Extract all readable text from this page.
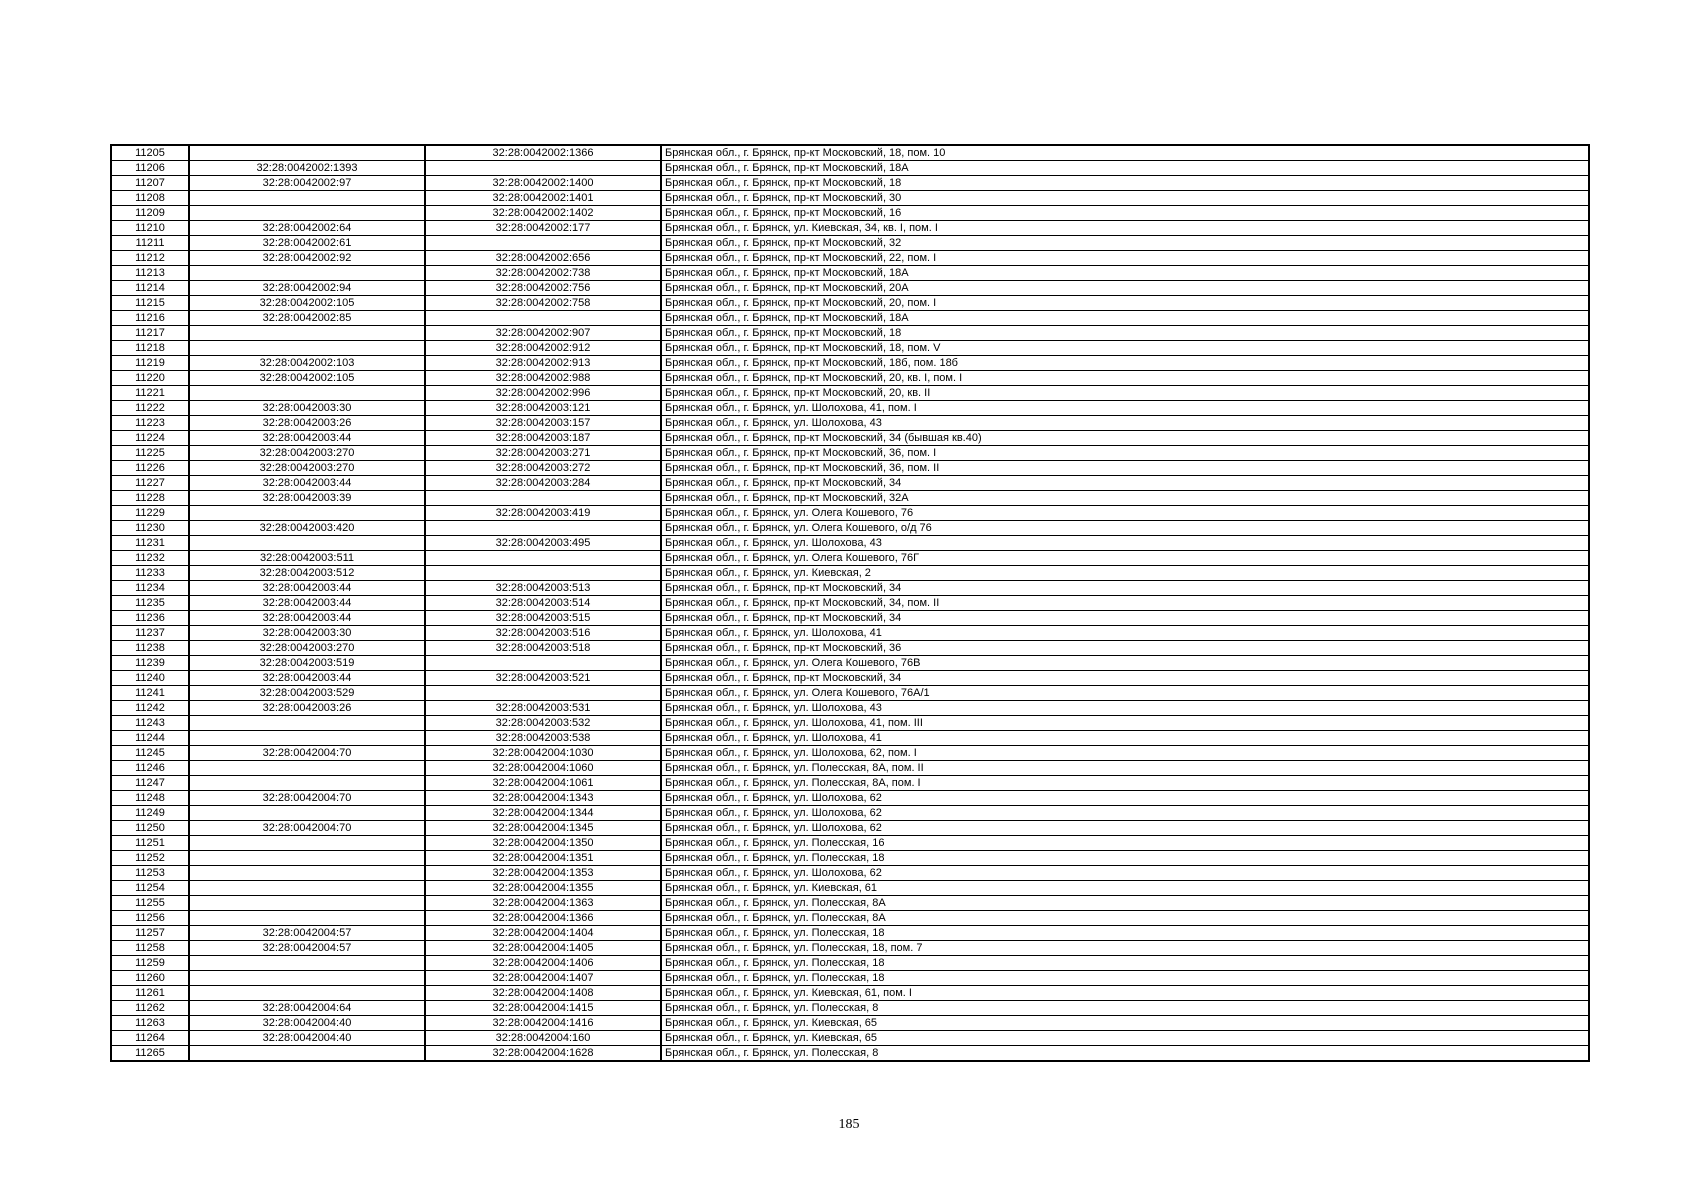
11205		32:28:0042002:1366	Брянская обл., г. Брянск, пр-кт Московский, 18, пом. 10
11206	32:28:0042002:1393		Брянская обл., г. Брянск, пр-кт Московский, 18А
11207	32:28:0042002:97	32:28:0042002:1400	Брянская обл., г. Брянск, пр-кт Московский, 18
11208		32:28:0042002:1401	Брянская обл., г. Брянск, пр-кт Московский, 30
11209		32:28:0042002:1402	Брянская обл., г. Брянск, пр-кт Московский, 16
11210	32:28:0042002:64	32:28:0042002:177	Брянская обл., г. Брянск, ул. Киевская, 34, кв. I, пом. I
11211	32:28:0042002:61		Брянская обл., г. Брянск, пр-кт Московский, 32
11212	32:28:0042002:92	32:28:0042002:656	Брянская обл., г. Брянск, пр-кт Московский, 22, пом. I
11213		32:28:0042002:738	Брянская обл., г. Брянск, пр-кт Московский, 18А
11214	32:28:0042002:94	32:28:0042002:756	Брянская обл., г. Брянск, пр-кт Московский, 20А
11215	32:28:0042002:105	32:28:0042002:758	Брянская обл., г. Брянск, пр-кт Московский, 20, пом. I
11216	32:28:0042002:85		Брянская обл., г. Брянск, пр-кт Московский, 18А
11217		32:28:0042002:907	Брянская обл., г. Брянск, пр-кт Московский, 18
11218		32:28:0042002:912	Брянская обл., г. Брянск, пр-кт Московский, 18, пом. V
11219	32:28:0042002:103	32:28:0042002:913	Брянская обл., г. Брянск, пр-кт Московский, 18б, пом. 18б
11220	32:28:0042002:105	32:28:0042002:988	Брянская обл., г. Брянск, пр-кт Московский, 20, кв. I, пом. I
11221		32:28:0042002:996	Брянская обл., г. Брянск, пр-кт Московский, 20, кв. II
11222	32:28:0042003:30	32:28:0042003:121	Брянская обл., г. Брянск, ул. Шолохова, 41, пом. I
11223	32:28:0042003:26	32:28:0042003:157	Брянская обл., г. Брянск, ул. Шолохова, 43
11224	32:28:0042003:44	32:28:0042003:187	Брянская обл., г. Брянск, пр-кт Московский, 34 (бывшая кв.40)
11225	32:28:0042003:270	32:28:0042003:271	Брянская обл., г. Брянск, пр-кт Московский, 36, пом. I
11226	32:28:0042003:270	32:28:0042003:272	Брянская обл., г. Брянск, пр-кт Московский, 36, пом. II
11227	32:28:0042003:44	32:28:0042003:284	Брянская обл., г. Брянск, пр-кт Московский, 34
11228	32:28:0042003:39		Брянская обл., г. Брянск, пр-кт Московский, 32А
11229		32:28:0042003:419	Брянская обл., г. Брянск, ул. Олега Кошевого, 76
11230	32:28:0042003:420		Брянская обл., г. Брянск, ул. Олега Кошевого, о/д 76
11231		32:28:0042003:495	Брянская обл., г. Брянск, ул. Шолохова, 43
11232	32:28:0042003:511		Брянская обл., г. Брянск, ул. Олега Кошевого, 76Г
11233	32:28:0042003:512		Брянская обл., г. Брянск, ул. Киевская, 2
11234	32:28:0042003:44	32:28:0042003:513	Брянская обл., г. Брянск, пр-кт Московский, 34
11235	32:28:0042003:44	32:28:0042003:514	Брянская обл., г. Брянск, пр-кт Московский, 34, пом. II
11236	32:28:0042003:44	32:28:0042003:515	Брянская обл., г. Брянск, пр-кт Московский, 34
11237	32:28:0042003:30	32:28:0042003:516	Брянская обл., г. Брянск, ул. Шолохова, 41
11238	32:28:0042003:270	32:28:0042003:518	Брянская обл., г. Брянск, пр-кт Московский, 36
11239	32:28:0042003:519		Брянская обл., г. Брянск, ул. Олега Кошевого, 76В
11240	32:28:0042003:44	32:28:0042003:521	Брянская обл., г. Брянск, пр-кт Московский, 34
11241	32:28:0042003:529		Брянская обл., г. Брянск, ул. Олега Кошевого, 76А/1
11242	32:28:0042003:26	32:28:0042003:531	Брянская обл., г. Брянск, ул. Шолохова, 43
11243		32:28:0042003:532	Брянская обл., г. Брянск, ул. Шолохова, 41, пом. III
11244		32:28:0042003:538	Брянская обл., г. Брянск, ул. Шолохова, 41
11245	32:28:0042004:70	32:28:0042004:1030	Брянская обл., г. Брянск, ул. Шолохова, 62, пом. I
11246		32:28:0042004:1060	Брянская обл., г. Брянск, ул. Полесская, 8А, пом. II
11247		32:28:0042004:1061	Брянская обл., г. Брянск, ул. Полесская, 8А, пом. I
11248	32:28:0042004:70	32:28:0042004:1343	Брянская обл., г. Брянск, ул. Шолохова, 62
11249		32:28:0042004:1344	Брянская обл., г. Брянск, ул. Шолохова, 62
11250	32:28:0042004:70	32:28:0042004:1345	Брянская обл., г. Брянск, ул. Шолохова, 62
11251		32:28:0042004:1350	Брянская обл., г. Брянск, ул. Полесская, 16
11252		32:28:0042004:1351	Брянская обл., г. Брянск, ул. Полесская, 18
11253		32:28:0042004:1353	Брянская обл., г. Брянск, ул. Шолохова, 62
11254		32:28:0042004:1355	Брянская обл., г. Брянск, ул. Киевская, 61
11255		32:28:0042004:1363	Брянская обл., г. Брянск, ул. Полесская, 8А
11256		32:28:0042004:1366	Брянская обл., г. Брянск, ул. Полесская, 8А
11257	32:28:0042004:57	32:28:0042004:1404	Брянская обл., г. Брянск, ул. Полесская, 18
11258	32:28:0042004:57	32:28:0042004:1405	Брянская обл., г. Брянск, ул. Полесская, 18, пом. 7
11259		32:28:0042004:1406	Брянская обл., г. Брянск, ул. Полесская, 18
11260		32:28:0042004:1407	Брянская обл., г. Брянск, ул. Полесская, 18
11261		32:28:0042004:1408	Брянская обл., г. Брянск, ул. Киевская, 61, пом. I
11262	32:28:0042004:64	32:28:0042004:1415	Брянская обл., г. Брянск, ул. Полесская, 8
11263	32:28:0042004:40	32:28:0042004:1416	Брянская обл., г. Брянск, ул. Киевская, 65
11264	32:28:0042004:40	32:28:0042004:160	Брянская обл., г. Брянск, ул. Киевская, 65
11265		32:28:0042004:1628	Брянская обл., г. Брянск, ул. Полесская, 8
185
